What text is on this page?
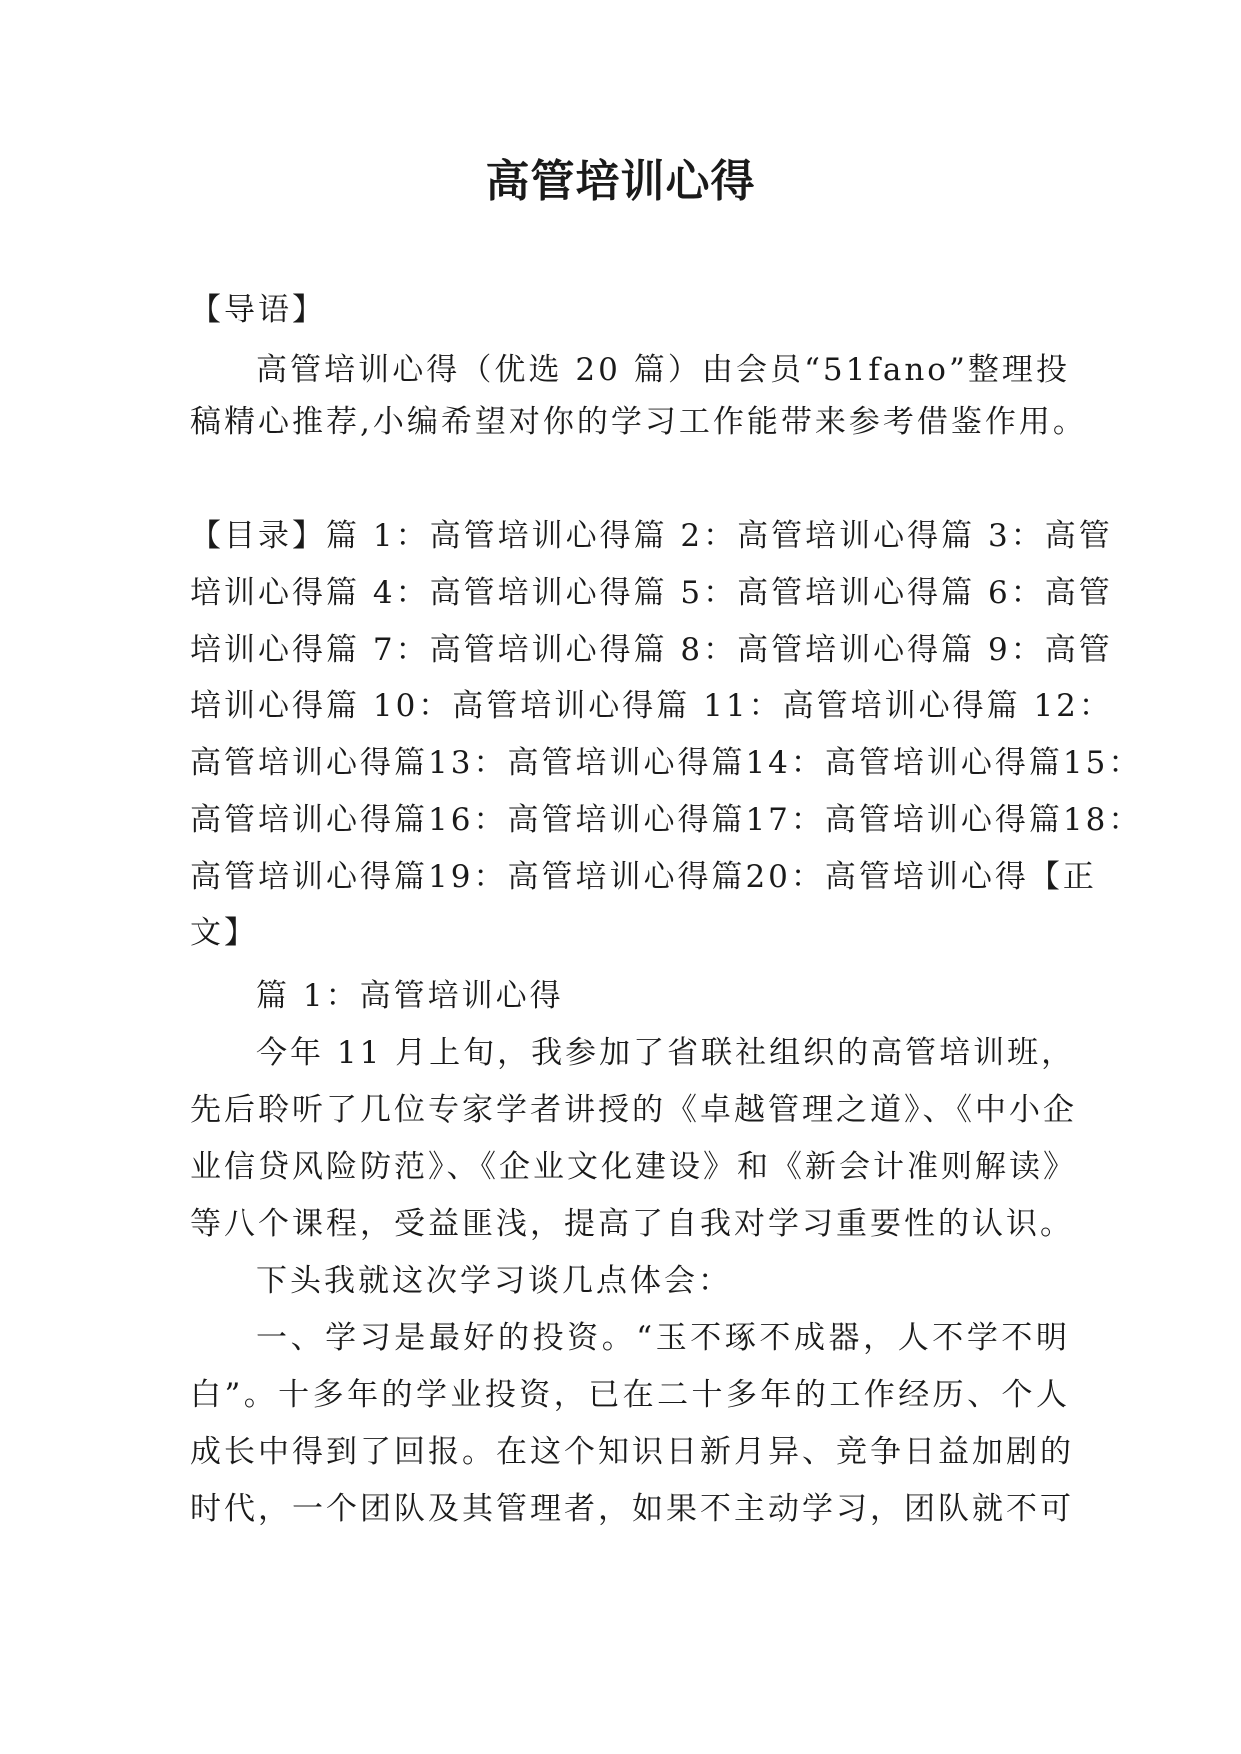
高管培训心得
【导语】
高管培训心得（优选 20 篇）由会员“51fano”整理投
稿精心推荐,小编希望对你的学习工作能带来参考借鉴作用。
【目录】篇 1：高管培训心得篇 2：高管培训心得篇 3：高管
培训心得篇 4：高管培训心得篇 5：高管培训心得篇 6：高管
培训心得篇 7：高管培训心得篇 8：高管培训心得篇 9：高管
培训心得篇 10：高管培训心得篇 11：高管培训心得篇 12：
高管培训心得篇13：高管培训心得篇14：高管培训心得篇15：
高管培训心得篇16：高管培训心得篇17：高管培训心得篇18：
高管培训心得篇19：高管培训心得篇20：高管培训心得【正
文】
篇 1：高管培训心得
今年 11 月上旬，我参加了省联社组织的高管培训班，
先后聆听了几位专家学者讲授的《卓越管理之道》、《中小企
业信贷风险防范》、《企业文化建设》和《新会计准则解读》
等八个课程，受益匪浅，提高了自我对学习重要性的认识。
下头我就这次学习谈几点体会：
一、学习是最好的投资。“玉不琢不成器，人不学不明
白”。十多年的学业投资，已在二十多年的工作经历、个人
成长中得到了回报。在这个知识日新月异、竞争日益加剧的
时代，一个团队及其管理者，如果不主动学习，团队就不可
